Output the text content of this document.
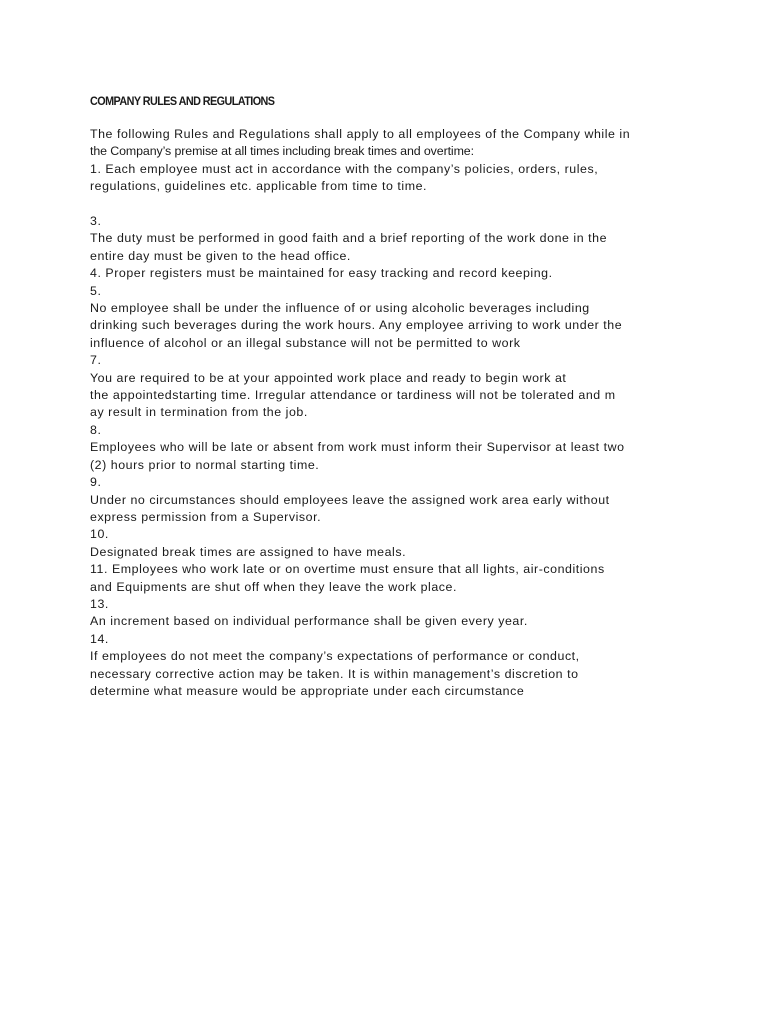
COMPANY RULES AND REGULATIONS
The following Rules and Regulations shall apply to all employees of the Company while in
the Company’s premise at all times including break times and overtime:
1. Each employee must act in accordance with the company’s policies, orders, rules,
regulations, guidelines etc. applicable from time to time.
3.
The duty must be performed in good faith and a brief reporting of the work done in the
entire day must be given to the head office.
4. Proper registers must be maintained for easy tracking and record keeping.
5.
No employee shall be under the influence of or using alcoholic beverages including
drinking such beverages during the work hours. Any employee arriving to work under the
influence of alcohol or an illegal substance will not be permitted to work
7.
You are required to be at your appointed work place and ready to begin work at
the appointedstarting time. Irregular attendance or tardiness will not be tolerated and m
ay result in termination from the job.
8.
Employees who will be late or absent from work must inform their Supervisor at least two
(2) hours prior to normal starting time.
9.
Under no circumstances should employees leave the assigned work area early without
express permission from a Supervisor.
10.
Designated break times are assigned to have meals.
11. Employees who work late or on overtime must ensure that all lights, air-conditions
and Equipments are shut off when they leave the work place.
13.
An increment based on individual performance shall be given every year.
14.
If employees do not meet the company’s expectations of performance or conduct,
necessary corrective action may be taken. It is within management’s discretion to
determine what measure would be appropriate under each circumstance
